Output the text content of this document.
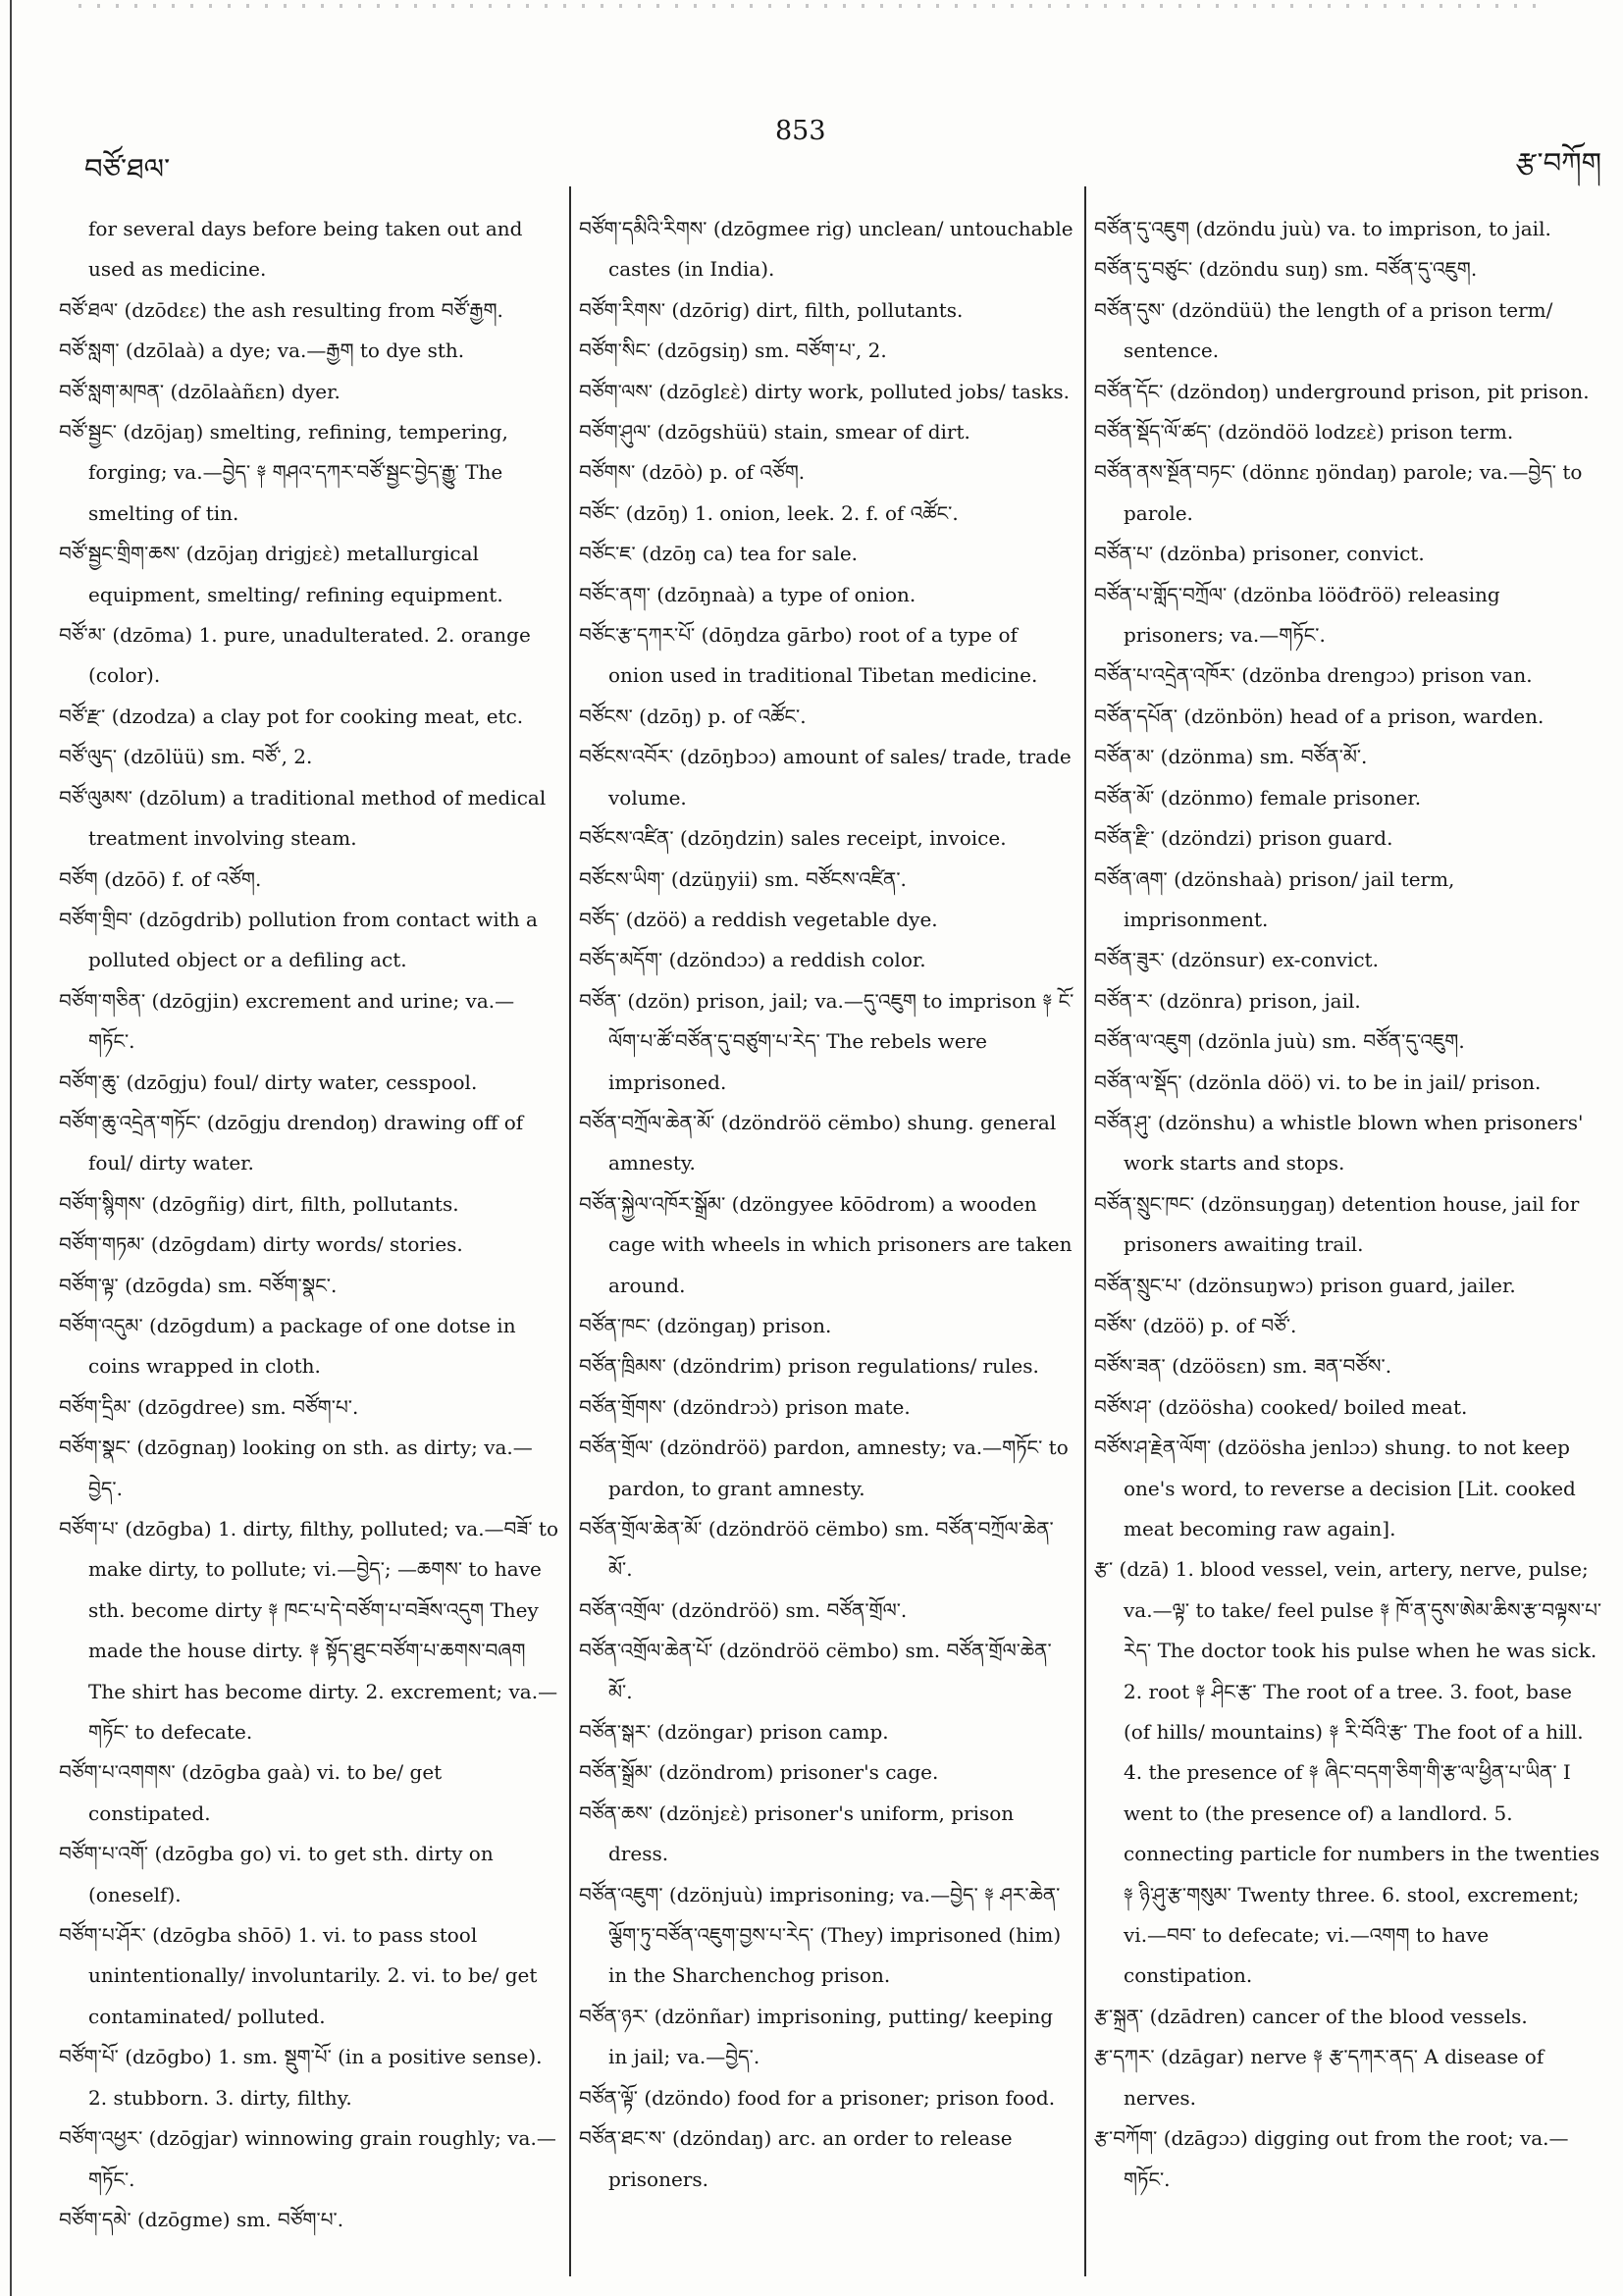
བཙོ་ཐལ་
853
རྩ་བཀོག
for several days before being taken out and used as medicine.
བཙོ་ཐལ་ (dzōdεε) the ash resulting from བཙོ་རྒྱག.
བཙོ་སླག་ (dzōlaà) a dye; va.—རྒྱག to dye sth.
བཙོ་སླག་མཁན་ (dzōlaàñεn) dyer.
བཙོ་སྦྱང་ (dzōjaŋ) smelting, refining, tempering, forging; va.—བྱེད་ ༈ གཤའ་དཀར་བཙོ་སྦྱང་བྱེད་རྒྱུ་ The smelting of tin.
བཙོ་སྦྱང་གྲིག་ཆས་ (dzōjaŋ drigjεὲ) metallurgical equipment, smelting/ refining equipment.
བཙོ་མ་ (dzōma) 1. pure, unadulterated. 2. orange (color).
བཙོ་རྫ་ (dzodza) a clay pot for cooking meat, etc.
བཙོ་ལུད་ (dzōlüü) sm. བཙོ་, 2.
བཙོ་ལུམས་ (dzōlum) a traditional method of medical treatment involving steam.
བཙོག (dzōō) f. of འཙོག.
བཙོག་གྲིབ་ (dzōgdrib) pollution from contact with a polluted object or a defiling act.
བཙོག་གཅིན་ (dzōgjin) excrement and urine; va.—གཏོང་.
བཙོག་ཆུ་ (dzōgju) foul/ dirty water, cesspool.
བཙོག་ཆུ་འདྲེན་གཏོང་ (dzōgju drendoŋ) drawing off of foul/ dirty water.
བཙོག་སྙིགས་ (dzōgñig) dirt, filth, pollutants.
བཙོག་གཏམ་ (dzōgdam) dirty words/ stories.
བཙོག་ལྟ་ (dzōgda) sm. བཙོག་སྣང་.
བཙོག་འདུམ་ (dzōgdum) a package of one dotse in coins wrapped in cloth.
བཙོག་དྲིམ་ (dzōgdree) sm. བཙོག་པ་.
བཙོག་སྣང་ (dzōgnaŋ) looking on sth. as dirty; va.—བྱེད་.
བཙོག་པ་ (dzōgba) 1. dirty, filthy, polluted; va.—བཟོ་ to make dirty, to pollute; vi.—བྱེད་; —ཆགས་ to have sth. become dirty ༈ ཁང་པ་དེ་བཙོག་པ་བཟོས་འདུག They made the house dirty. ༈ སྟོད་ཐུང་བཙོག་པ་ཆགས་བཞག The shirt has become dirty. 2. excrement; va.—གཏོང་ to defecate.
བཙོག་པ་འགགས་ (dzōgba gaà) vi. to be/ get constipated.
བཙོག་པ་འགོ་ (dzōgba go) vi. to get sth. dirty on (oneself).
བཙོག་པ་ཤོར་ (dzōgba shōō) 1. vi. to pass stool unintentionally/ involuntarily. 2. vi. to be/ get contaminated/ polluted.
བཙོག་པོ་ (dzōgbo) 1. sm. སྡུག་པོ་ (in a positive sense). 2. stubborn. 3. dirty, filthy.
བཙོག་འཕྱར་ (dzōgjar) winnowing grain roughly; va.—གཏོང་.
བཙོག་དམེ་ (dzōgme) sm. བཙོག་པ་.
བཙོག་དམིའི་རིགས་ (dzōgmee rig) unclean/ untouchable castes (in India).
བཙོག་རིགས་ (dzōrig) dirt, filth, pollutants.
བཙོག་སིང་ (dzōgsiŋ) sm. བཙོག་པ་, 2.
བཙོག་ལས་ (dzōglεὲ) dirty work, polluted jobs/ tasks.
བཙོག་ཤུལ་ (dzōgshüü) stain, smear of dirt.
བཙོགས་ (dzōò) p. of འཙོག.
བཙོང་ (dzōŋ) 1. onion, leek. 2. f. of འཚོང་.
བཙོང་ཇ་ (dzōŋ ca) tea for sale.
བཙོང་ནག་ (dzōŋnaà) a type of onion.
བཙོང་རྩ་དཀར་པོ་ (dōŋdza gārbo) root of a type of onion used in traditional Tibetan medicine.
བཙོངས་ (dzōŋ) p. of འཚོང་.
བཙོངས་འབོར་ (dzōŋbɔɔ) amount of sales/ trade, trade volume.
བཙོངས་འཛིན་ (dzōŋdzin) sales receipt, invoice.
བཙོངས་ཡིག་ (dzüŋyii) sm. བཙོངས་འཛིན་.
བཙོད་ (dzöö) a reddish vegetable dye.
བཙོད་མདོག་ (dzöndɔɔ) a reddish color.
བཙོན་ (dzön) prison, jail; va.—དུ་འཇུག to imprison ༈ ངོ་ལོག་པ་ཚོ་བཙོན་དུ་བཙུག་པ་རེད་ The rebels were imprisoned.
བཙོན་བཀྲོལ་ཆེན་མོ་ (dzöndröö cëmbo) shung. general amnesty.
བཙོན་སྐྱེལ་འཁོར་སྒྲོམ་ (dzöngyee kōōdrom) a wooden cage with wheels in which prisoners are taken around.
བཙོན་ཁང་ (dzöngaŋ) prison.
བཙོན་ཁྲིམས་ (dzöndrim) prison regulations/ rules.
བཙོན་གྲོགས་ (dzöndrɔɔ̀) prison mate.
བཙོན་གྲོལ་ (dzöndröö) pardon, amnesty; va.—གཏོང་ to pardon, to grant amnesty.
བཙོན་གྲོལ་ཆེན་མོ་ (dzöndröö cëmbo) sm. བཙོན་བཀྲོལ་ཆེན་མོ་.
བཙོན་འགྲོལ་ (dzöndröö) sm. བཙོན་གྲོལ་.
བཙོན་འགྲོལ་ཆེན་པོ་ (dzöndröö cëmbo) sm. བཙོན་གྲོལ་ཆེན་མོ་.
བཙོན་སྒར་ (dzöngar) prison camp.
བཙོན་སྒྲོམ་ (dzöndrom) prisoner's cage.
བཙོན་ཆས་ (dzönjεὲ) prisoner's uniform, prison dress.
བཙོན་འཇུག་ (dzönjuù) imprisoning; va.—བྱེད་ ༈ ཤར་ཆེན་ལྕོག་ཏུ་བཙོན་འཇུག་བྱས་པ་རེད་ (They) imprisoned (him) in the Sharchenchog prison.
བཙོན་ཉར་ (dzönñar) imprisoning, putting/ keeping in jail; va.—བྱེད་.
བཙོན་ལྟོ་ (dzöndo) food for a prisoner; prison food.
བཙོན་ཐང་ས་ (dzöndaŋ) arc. an order to release prisoners.
བཙོན་དུ་འཇུག (dzöndu juù) va. to imprison, to jail.
བཙོན་དུ་བཙུང་ (dzöndu suŋ) sm. བཙོན་དུ་འཇུག.
བཙོན་དུས་ (dzöndüü) the length of a prison term/ sentence.
བཙོན་དོང་ (dzöndoŋ) underground prison, pit prison.
བཙོན་སྡོད་ལོ་ཚད་ (dzöndöö lodzεὲ) prison term.
བཙོན་ནས་སྔོན་བཏང་ (dönnε ŋöndaŋ) parole; va.—བྱེད་ to parole.
བཙོན་པ་ (dzönba) prisoner, convict.
བཙོན་པ་གློད་བཀྲོལ་ (dzönba lööđröö) releasing prisoners; va.—གཏོང་.
བཙོན་པ་འདྲེན་འཁོར་ (dzönba drengɔɔ) prison van.
བཙོན་དཔོན་ (dzönbön) head of a prison, warden.
བཙོན་མ་ (dzönma) sm. བཙོན་མོ་.
བཙོན་མོ་ (dzönmo) female prisoner.
བཙོན་རྫི་ (dzöndzi) prison guard.
བཙོན་ཞག་ (dzönshaà) prison/ jail term, imprisonment.
བཙོན་ཟུར་ (dzönsur) ex-convict.
བཙོན་ར་ (dzönra) prison, jail.
བཙོན་ལ་འཇུག (dzönla juù) sm. བཙོན་དུ་འཇུག.
བཙོན་ལ་སྡོད་ (dzönla döö) vi. to be in jail/ prison.
བཙོན་ཤུ་ (dzönshu) a whistle blown when prisoners' work starts and stops.
བཙོན་སྲུང་ཁང་ (dzönsuŋgaŋ) detention house, jail for prisoners awaiting trail.
བཙོན་སྲུང་པ་ (dzönsuŋwɔ) prison guard, jailer.
བཙོས་ (dzöö) p. of བཙོ་.
བཙོས་ཟན་ (dzöösεn) sm. ཟན་བཙོས་.
བཙོས་ཤ་ (dzöösha) cooked/ boiled meat.
བཙོས་ཤ་རྗེན་ལོག་ (dzöösha jenlɔɔ) shung. to not keep one's word, to reverse a decision [Lit. cooked meat becoming raw again].
རྩ་ (dzā) 1. blood vessel, vein, artery, nerve, pulse; va.—ལྟ་ to take/ feel pulse ༈ ཁོ་ན་དུས་ཨེམ་ཆིས་རྩ་བལྟས་པ་རེད་ The doctor took his pulse when he was sick. 2. root ༈ ཤིང་རྩ་ The root of a tree. 3. foot, base (of hills/ mountains) ༈ རི་བོའི་རྩ་ The foot of a hill. 4. the presence of ༈ ཞིང་བདག་ཅིག་གི་རྩ་ལ་ཕྱིན་པ་ཡིན་ I went to (the presence of) a landlord. 5. connecting particle for numbers in the twenties ༈ ཉི་ཤུ་རྩ་གསུམ་ Twenty three. 6. stool, excrement; vi.—བབ་ to defecate; vi.—འགག to have constipation.
རྩ་སྐྲན་ (dzādren) cancer of the blood vessels.
རྩ་དཀར་ (dzāgar) nerve ༈ རྩ་དཀར་ནད་ A disease of nerves.
རྩ་བཀོག་ (dzāgɔɔ) digging out from the root; va.—གཏོང་.
